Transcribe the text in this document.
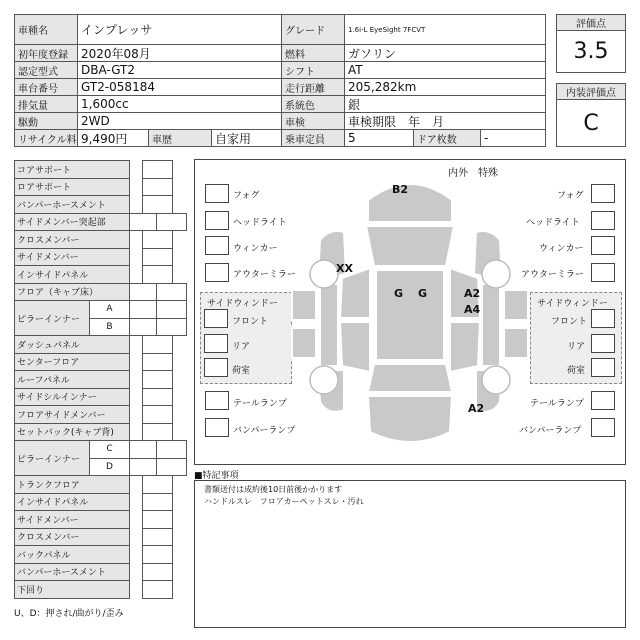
車種名	インプレッサ	グレード	1.6i-L EyeSight 7FCVT
初年度登録	2020年08月	燃料	ガソリン
認定型式	DBA-GT2	シフト	AT
車台番号	GT2-058184	走行距離	205,282km
排気量	1,600cc	系統色	銀
駆動	2WD	車検	車検期限　年　月
リサイクル料 9,490円	車歴	自家用	乗車定員	5	ドア枚数	-
評価点
3.5
内装評価点
C
コアサポート
ロアサポート
バンパーホースメント
サイドメンバー突起部
クロスメンバー
サイドメンバー
インサイドパネル
フロア（キャブ床）
ピラーインナー
A
B
ダッシュパネル
センターフロア
ルーフパネル
サイドシルインナー
フロアサイドメンバー
セットバック(キャブ背)
ピラーインナー
C
D
トランクフロア
インサイドパネル
サイドメンバー
クロスメンバー
バックパネル
バンパーホースメント
下回り
U、D：押され/曲がり/歪み
内外　特殊
フォグ
ヘッドライト
ウィンカー
アウターミラー
フォグ
ヘッドライト
ウィンカー
アウターミラー
サイドウィンドー
フロント
リア
荷室
サイドウィンドー
フロント
リア
荷室
テールランプ
バンパーランプ
テールランプ
バンパーランプ
B2
XX
G G	A2
A4
A2
■特記事項
書類送付は成約後10日前後かかります
ハンドルスレ　フロアカーペットスレ・汚れ
